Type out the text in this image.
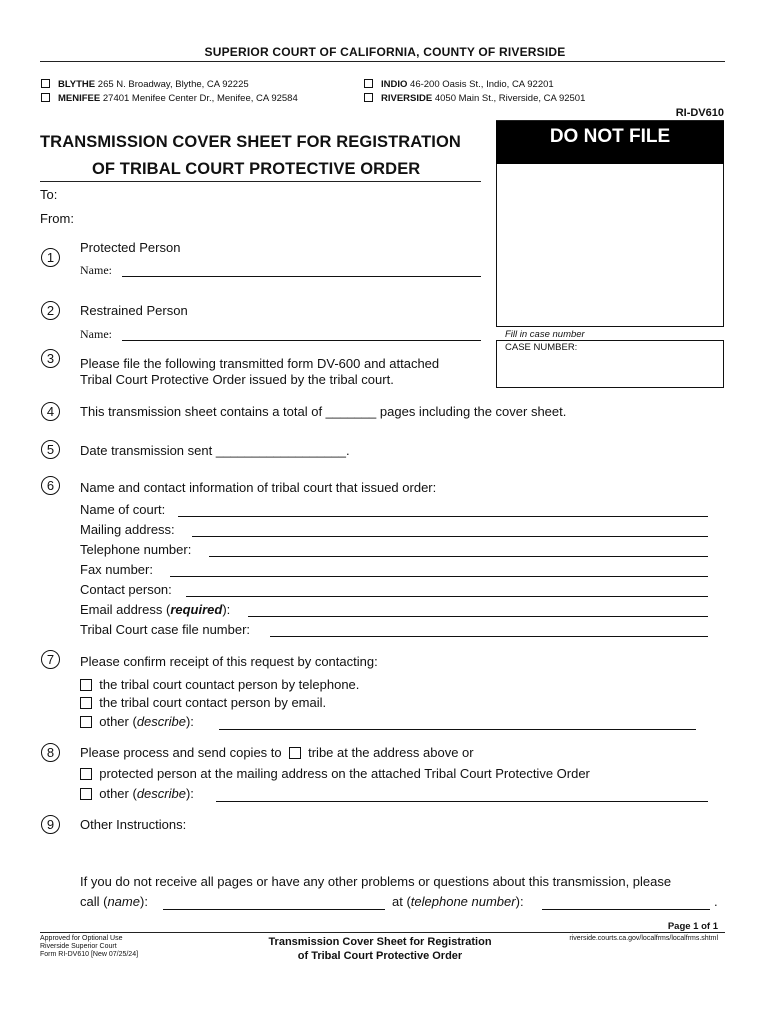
SUPERIOR COURT OF CALIFORNIA, COUNTY OF RIVERSIDE
BLYTHE 265 N. Broadway, Blythe, CA 92225
MENIFEE 27401 Menifee Center Dr., Menifee, CA 92584
INDIO 46-200 Oasis St., Indio, CA 92201
RIVERSIDE 4050 Main St., Riverside, CA 92501
RI-DV610
TRANSMISSION COVER SHEET FOR REGISTRATION
OF TRIBAL COURT PROTECTIVE ORDER
DO NOT FILE
Fill in case number
CASE NUMBER:
To:
From:
1
Protected Person
Name:
2	Restrained Person
Name:
3	Please file the following transmitted form DV-600 and attached
Tribal Court Protective Order issued by the tribal court.
4	This transmission sheet contains a total of _______ pages including the cover sheet.
5	Date transmission sent __________________.
6	Name and contact information of tribal court that issued order:
Name of court:
Mailing address:
Telephone number:
Fax number:
Contact person:
Email address (required):
Tribal Court case file number:
7	Please confirm receipt of this request by contacting:
the tribal court countact person by telephone.
the tribal court contact person by email.
other (describe):
8	Please process and send copies to tribe at the address above or
protected person at the mailing address on the attached Tribal Court Protective Order
other (describe):
9	Other Instructions:
If you do not receive all pages or have any other problems or questions about this transmission, please
call (name):	at (telephone number):	.
Page 1 of 1
Approved for Optional Use
Riverside Superior Court
Form RI-DV610 [New 07/25/24]
Transmission Cover Sheet for Registration
of Tribal Court Protective Order
riverside.courts.ca.gov/localfrms/localfrms.shtml
